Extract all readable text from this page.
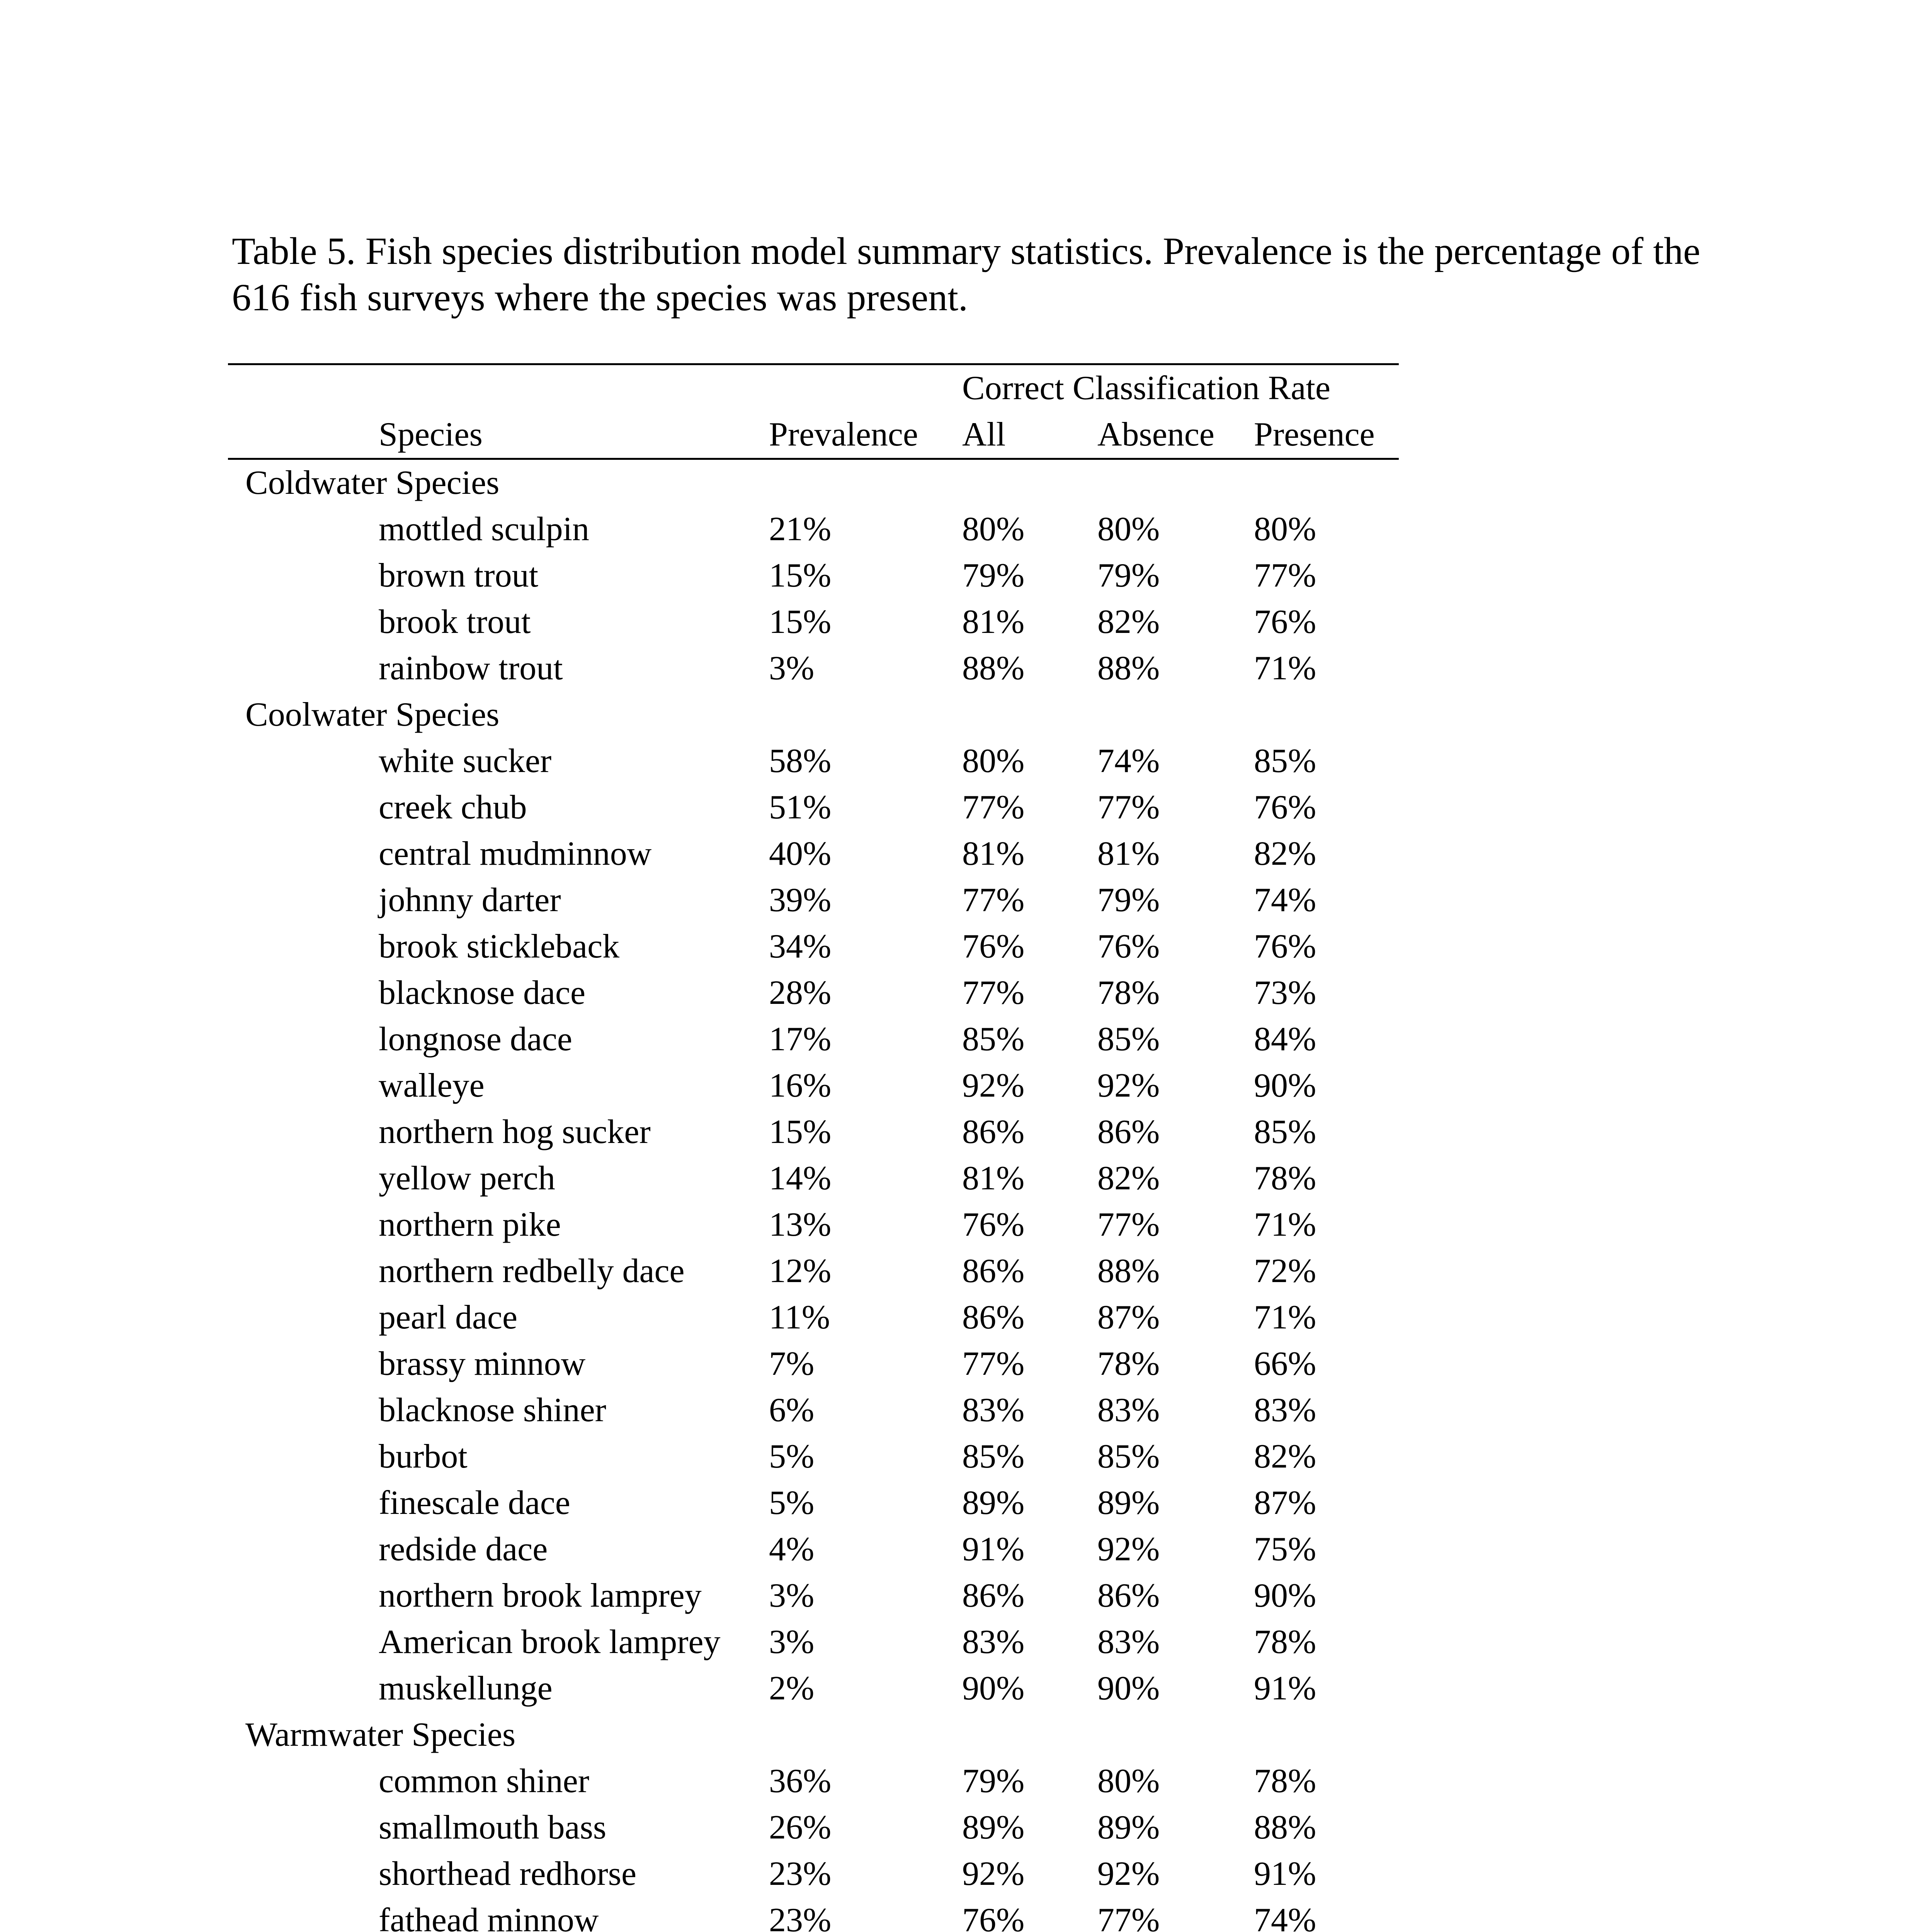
Table 5. Fish species distribution model summary statistics. Prevalence is the percentage of the

616 fish surveys where the species was present.

		Correct Classification Rate		
Species	Prevalence	All	Absence	Presence
Coldwater Species				
mottled sculpin	21%	80%	80%	80%
brown trout	15%	79%	79%	77%
brook trout	15%	81%	82%	76%
rainbow trout	3%	88%	88%	71%
Coolwater Species				
white sucker	58%	80%	74%	85%
creek chub	51%	77%	77%	76%
central mudminnow	40%	81%	81%	82%
johnny darter	39%	77%	79%	74%
brook stickleback	34%	76%	76%	76%
blacknose dace	28%	77%	78%	73%
longnose dace	17%	85%	85%	84%
walleye	16%	92%	92%	90%
northern hog sucker	15%	86%	86%	85%
yellow perch	14%	81%	82%	78%
northern pike	13%	76%	77%	71%
northern redbelly dace	12%	86%	88%	72%
pearl dace	11%	86%	87%	71%
brassy minnow	7%	77%	78%	66%
blacknose shiner	6%	83%	83%	83%
burbot	5%	85%	85%	82%
finescale dace	5%	89%	89%	87%
redside dace	4%	91%	92%	75%
northern brook lamprey	3%	86%	86%	90%
American brook lamprey	3%	83%	83%	78%
muskellunge	2%	90%	90%	91%
Warmwater Species				
common shiner	36%	79%	80%	78%
smallmouth bass	26%	89%	89%	88%
shorthead redhorse	23%	92%	92%	91%
fathead minnow	23%	76%	77%	74%
